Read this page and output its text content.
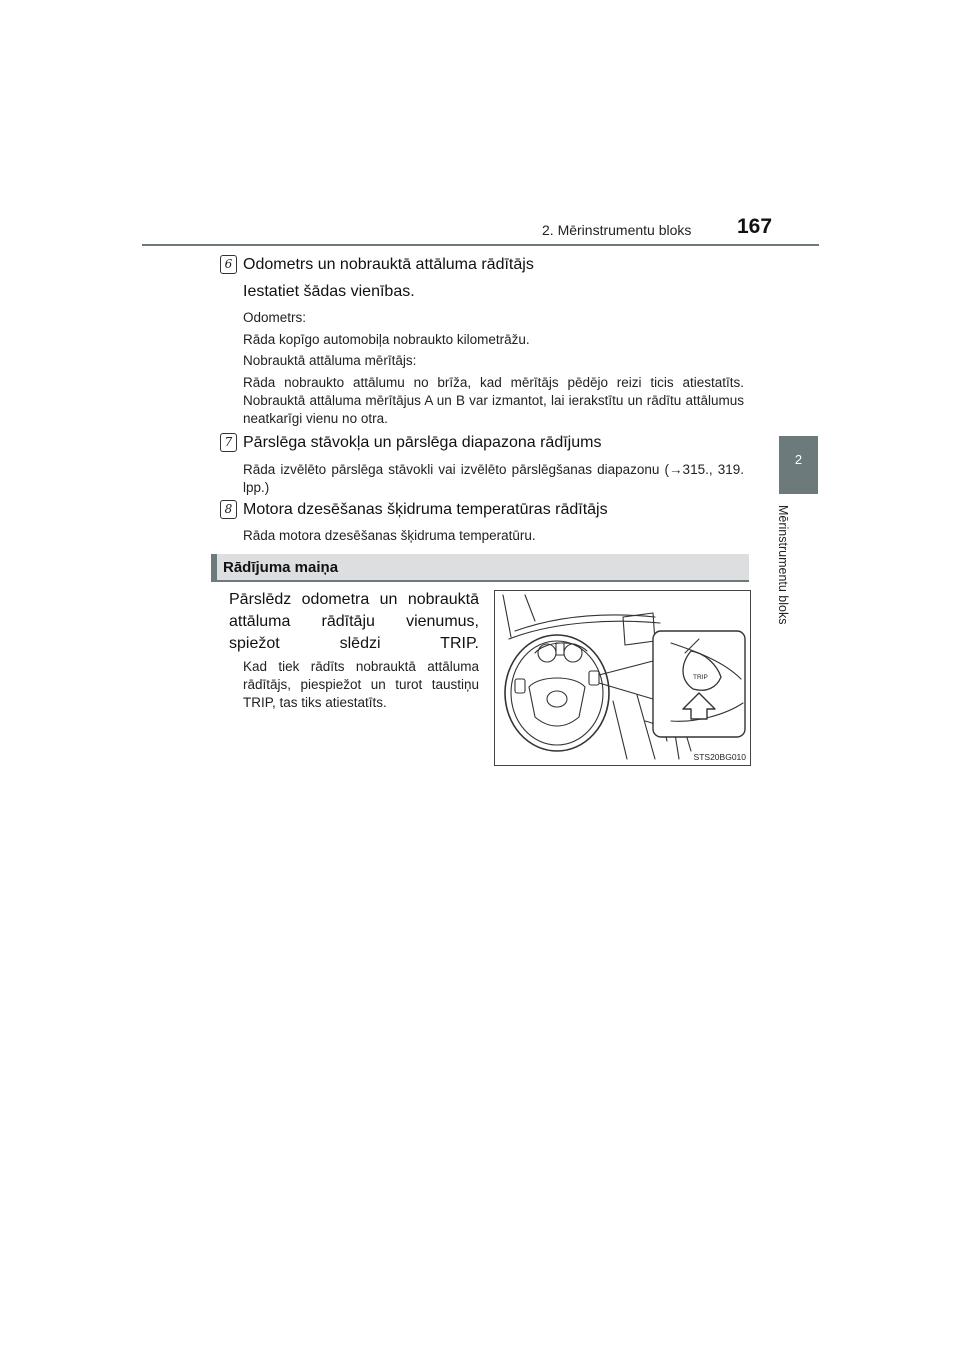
2. Mērinstrumentu bloks 167
2
Mērinstrumentu bloks
6 Odometrs un nobrauktā attāluma rādītājs
Iestatiet šādas vienības.
Odometrs:
Rāda kopīgo automobiļa nobraukto kilometrāžu.
Nobrauktā attāluma mērītājs:
Rāda nobraukto attālumu no brīža, kad mērītājs pēdējo reizi ticis atiestatīts. Nobrauktā attāluma mērītājus A un B var izmantot, lai ierakstītu un rādītu attālumus neatkarīgi vienu no otra.
7 Pārslēga stāvokļa un pārslēga diapazona rādījums
Rāda izvēlēto pārslēga stāvokli vai izvēlēto pārslēgšanas diapazonu (→315., 319. lpp.)
8 Motora dzesēšanas šķidruma temperatūras rādītājs
Rāda motora dzesēšanas šķidruma temperatūru.
Rādījuma maiņa
Pārslēdz odometra un nobrauktā attāluma rādītāju vienumus, spiežot slēdzi TRIP.
Kad tiek rādīts nobrauktā attāluma rādītājs, piespiežot un turot taustiņu TRIP, tas tiks atiestatīts.
TRIP
STS20BG010
